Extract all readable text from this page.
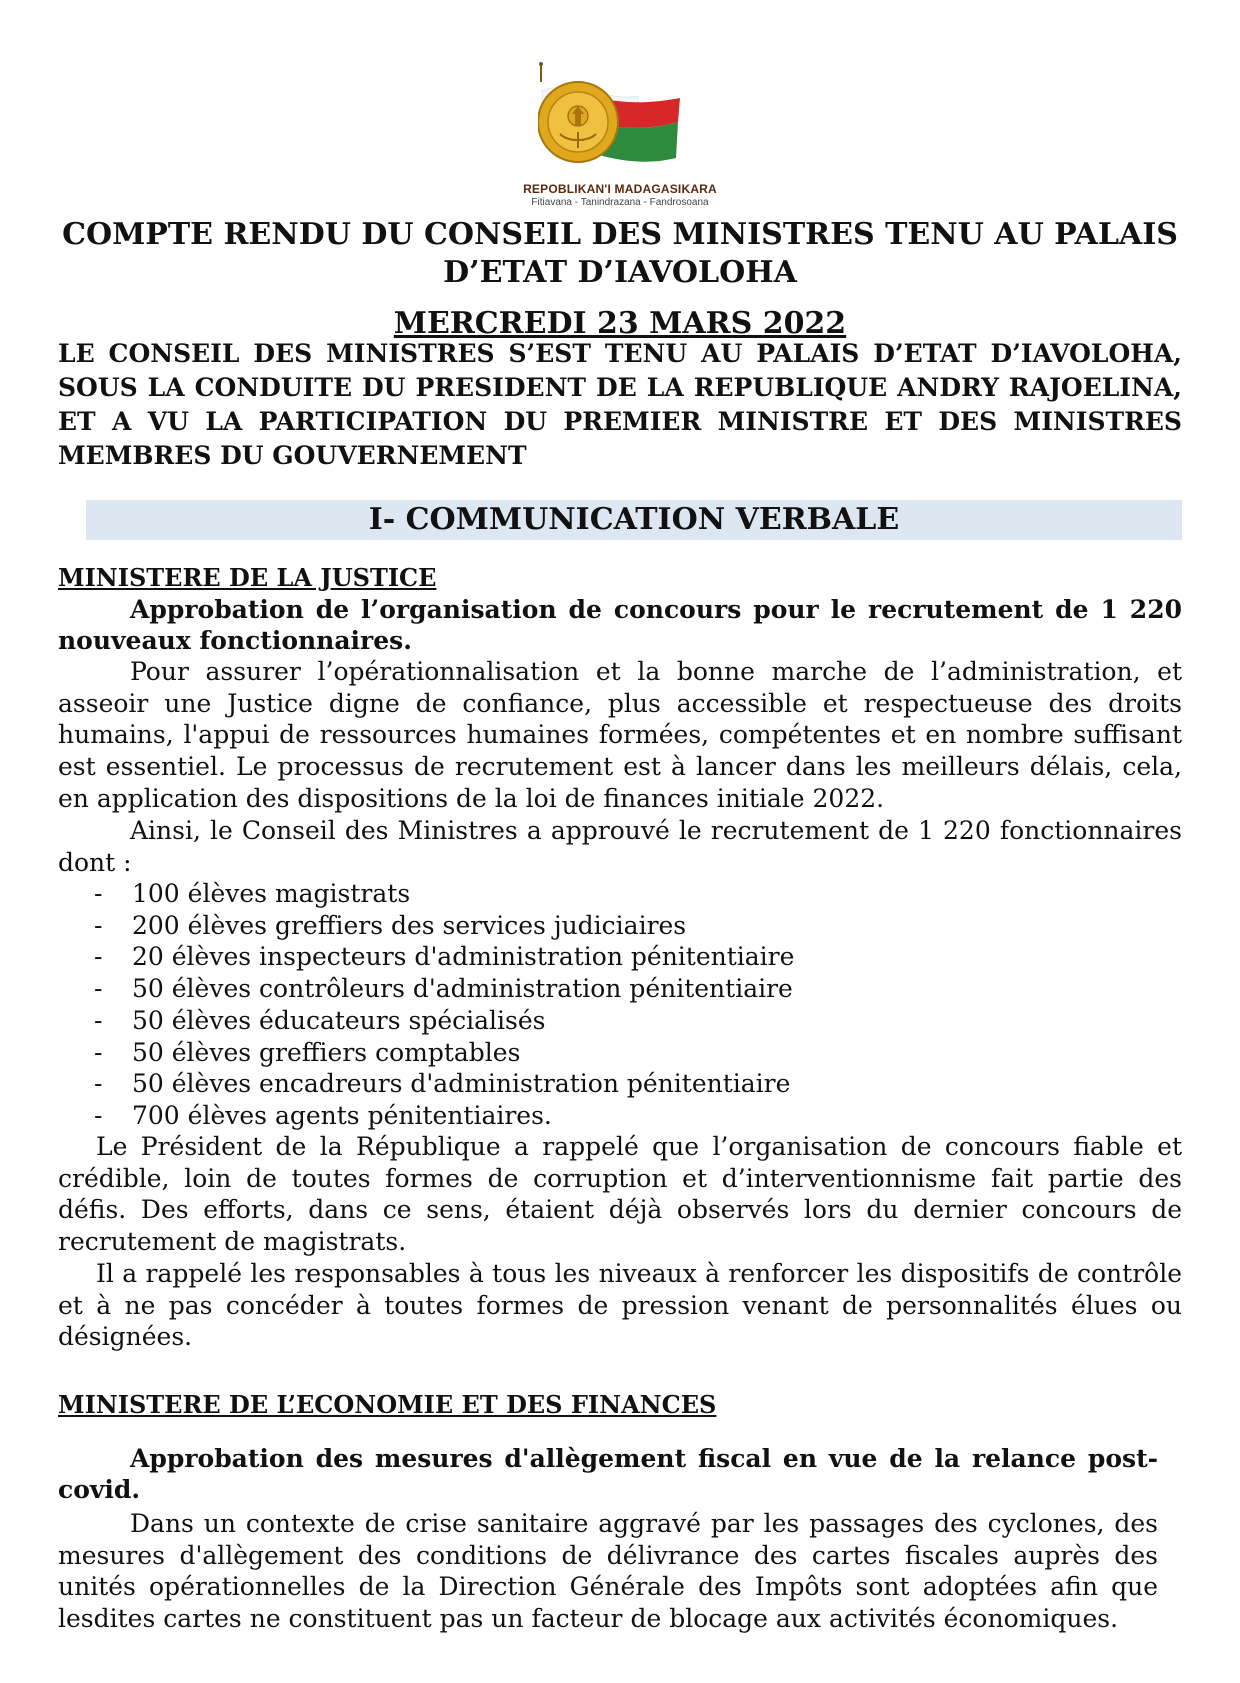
REPOBLIKAN'I MADAGASIKARA
Fitiavana - Tanindrazana - Fandrosoana
COMPTE RENDU DU CONSEIL DES MINISTRES TENU AU PALAIS D’ETAT D’IAVOLOHA
MERCREDI 23 MARS 2022
LE CONSEIL DES MINISTRES S’EST TENU AU PALAIS D’ETAT D’IAVOLOHA, SOUS LA CONDUITE DU PRESIDENT DE LA REPUBLIQUE ANDRY RAJOELINA, ET A VU LA PARTICIPATION DU PREMIER MINISTRE ET DES MINISTRES MEMBRES DU GOUVERNEMENT
I- COMMUNICATION VERBALE
MINISTERE DE LA JUSTICE
Approbation de l’organisation de concours pour le recrutement de 1 220 nouveaux fonctionnaires.
Pour assurer l’opérationnalisation et la bonne marche de l’administration, et asseoir une Justice digne de confiance, plus accessible et respectueuse des droits humains, l'appui de ressources humaines formées, compétentes et en nombre suffisant est essentiel. Le processus de recrutement est à lancer dans les meilleurs délais, cela, en application des dispositions de la loi de finances initiale 2022.
Ainsi, le Conseil des Ministres a approuvé le recrutement de 1 220 fonctionnaires dont :
- 100 élèves magistrats
- 200 élèves greffiers des services judiciaires
- 20 élèves inspecteurs d'administration pénitentiaire
- 50 élèves contrôleurs d'administration pénitentiaire
- 50 élèves éducateurs spécialisés
- 50 élèves greffiers comptables
- 50 élèves encadreurs d'administration pénitentiaire
- 700 élèves agents pénitentiaires.
Le Président de la République a rappelé que l’organisation de concours fiable et crédible, loin de toutes formes de corruption et d’interventionnisme fait partie des défis. Des efforts, dans ce sens, étaient déjà observés lors du dernier concours de recrutement de magistrats.
Il a rappelé les responsables à tous les niveaux à renforcer les dispositifs de contrôle et à ne pas concéder à toutes formes de pression venant de personnalités élues ou désignées.
MINISTERE DE L’ECONOMIE ET DES FINANCES
Approbation des mesures d'allègement fiscal en vue de la relance post-covid.
Dans un contexte de crise sanitaire aggravé par les passages des cyclones, des mesures d'allègement des conditions de délivrance des cartes fiscales auprès des unités opérationnelles de la Direction Générale des Impôts sont adoptées afin que lesdites cartes ne constituent pas un facteur de blocage aux activités économiques.
